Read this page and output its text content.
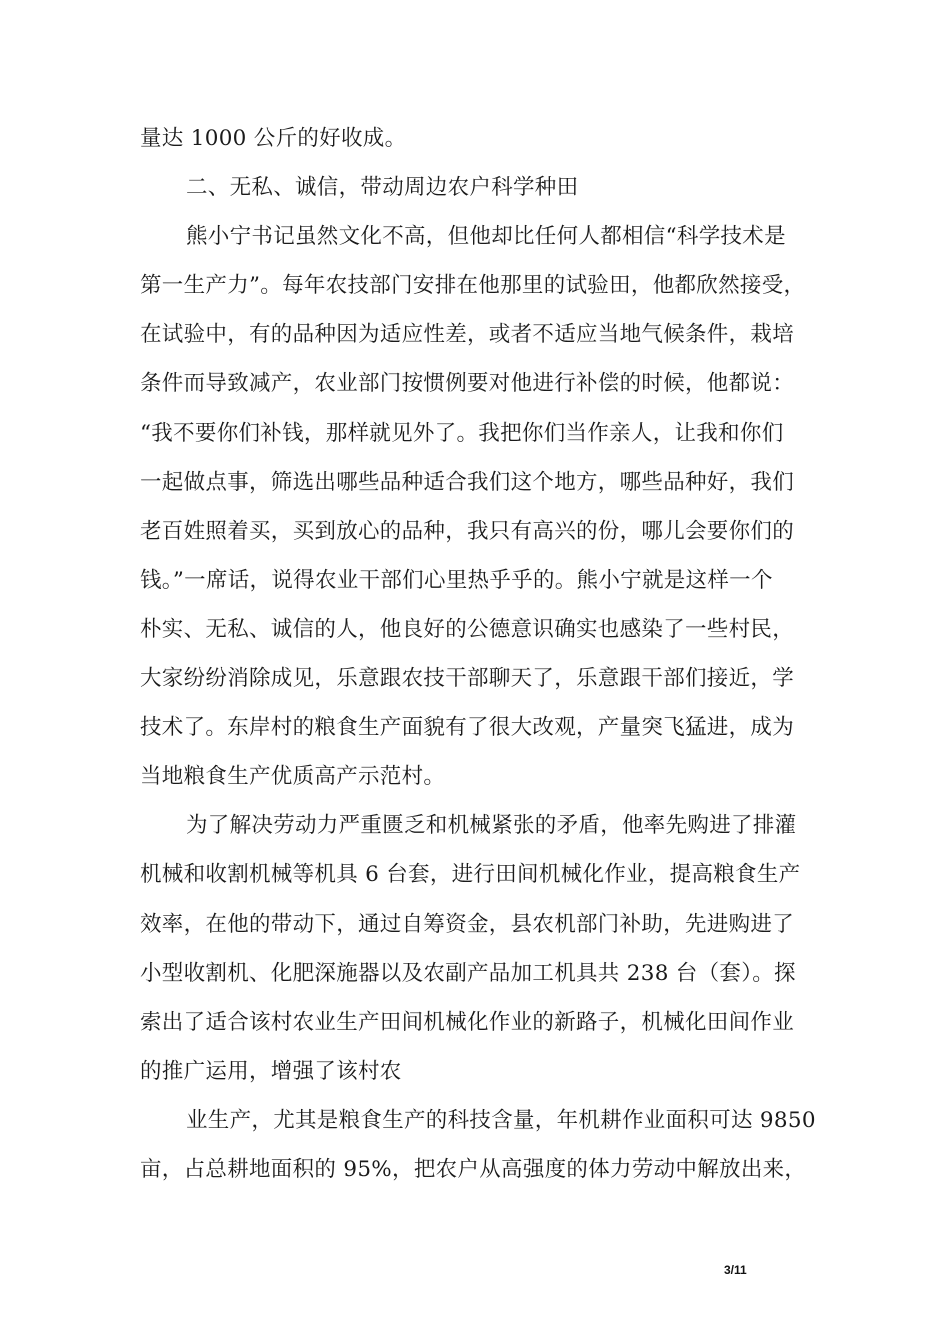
量达 1000 公斤的好收成。
二、无私、诚信，带动周边农户科学种田
熊小宁书记虽然文化不高，但他却比任何人都相信“科学技术是
第一生产力”。每年农技部门安排在他那里的试验田，他都欣然接受，
在试验中，有的品种因为适应性差，或者不适应当地气候条件，栽培
条件而导致减产，农业部门按惯例要对他进行补偿的时候，他都说：
“我不要你们补钱，那样就见外了。我把你们当作亲人，让我和你们
一起做点事，筛选出哪些品种适合我们这个地方，哪些品种好，我们
老百姓照着买，买到放心的品种，我只有高兴的份，哪儿会要你们的
钱。”一席话，说得农业干部们心里热乎乎的。熊小宁就是这样一个
朴实、无私、诚信的人，他良好的公德意识确实也感染了一些村民，
大家纷纷消除成见，乐意跟农技干部聊天了，乐意跟干部们接近，学
技术了。东岸村的粮食生产面貌有了很大改观，产量突飞猛进，成为
当地粮食生产优质高产示范村。
为了解决劳动力严重匮乏和机械紧张的矛盾，他率先购进了排灌
机械和收割机械等机具 6 台套，进行田间机械化作业，提高粮食生产
效率，在他的带动下，通过自筹资金，县农机部门补助，先进购进了
小型收割机、化肥深施器以及农副产品加工机具共 238 台（套）。探
索出了适合该村农业生产田间机械化作业的新路子，机械化田间作业
的推广运用，增强了该村农
业生产，尤其是粮食生产的科技含量，年机耕作业面积可达 9850
亩，占总耕地面积的 95%，把农户从高强度的体力劳动中解放出来，
3/11
